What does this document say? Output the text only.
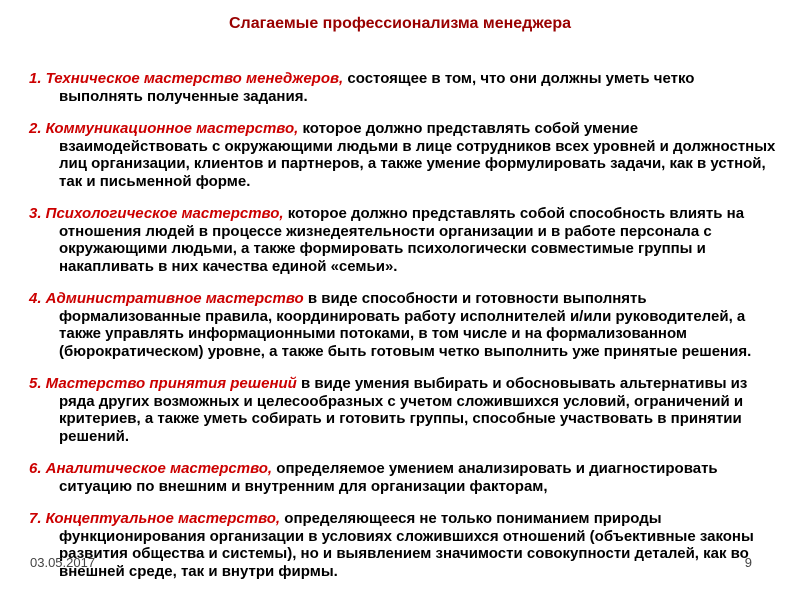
Слагаемые профессионализма менеджера

1. Техническое мастерство менеджеров, состоящее в том, что они должны уметь четко выполнять полученные задания.

2. Коммуникационное мастерство, которое должно представлять собой умение взаимодействовать с окружающими людьми в лице сотрудников всех уровней и должностных лиц организации, клиентов и партнеров, а также умение формулировать задачи, как в устной, так и письменной форме.

3. Психологическое мастерство, которое должно представлять собой способность влиять на отношения людей в процессе жизнедеятельности организации и в работе персонала с окружающими людьми, а также формировать психологически совместимые группы и накапливать в них качества единой «семьи».

4. Административное мастерство в виде способности и готовности выполнять формализованные правила, координировать работу исполнителей и/или руководителей, а также управлять информационными потоками, в том числе и на формализованном (бюрократическом) уровне, а также быть готовым четко выполнить уже принятые решения.

5. Мастерство принятия решений в виде умения выбирать и обосновывать альтернативы из ряда других возможных и целесообразных с учетом сложившихся условий, ограничений и критериев, а также уметь собирать и готовить группы, способные участвовать в принятии решений.

6. Аналитическое мастерство, определяемое умением анализировать и диагностировать ситуацию по внешним и внутренним для организации факторам,

7. Концептуальное мастерство, определяющееся не только пониманием природы функционирования организации в условиях сложившихся отношений (объективные законы развития общества и системы), но и выявлением значимости совокупности деталей, как во внешней среде, так и внутри фирмы.

03.05.2017	9
